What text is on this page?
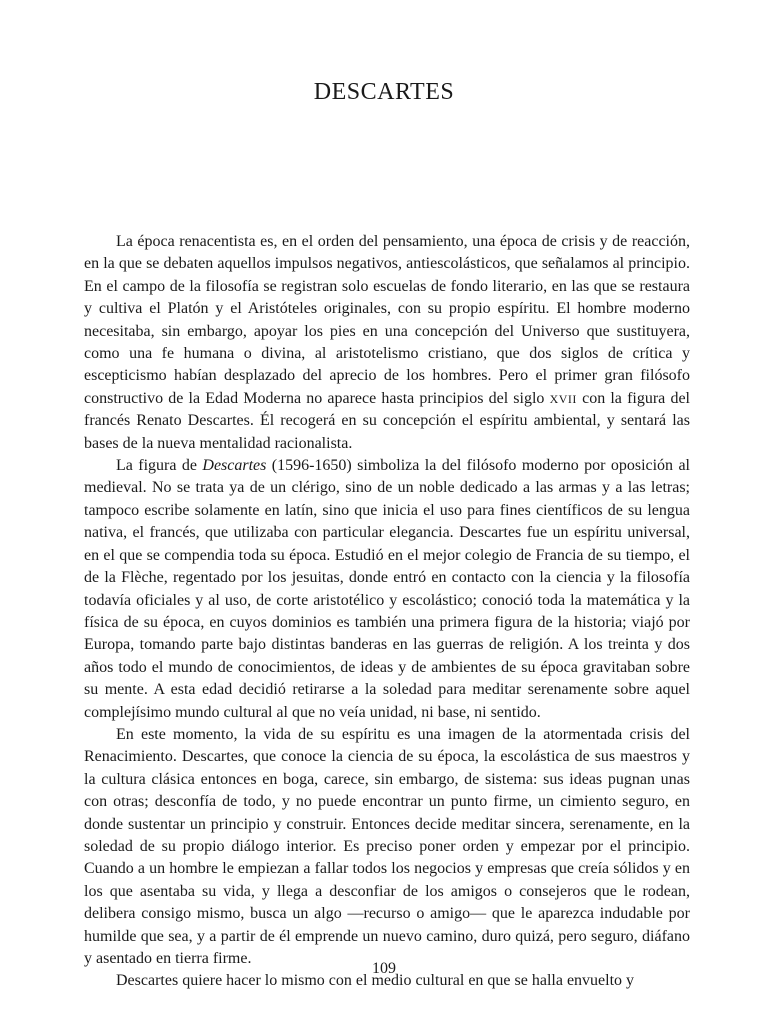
DESCARTES

La época renacentista es, en el orden del pensamiento, una época de crisis y de reacción, en la que se debaten aquellos impulsos negativos, antiescolásticos, que señalamos al principio. En el campo de la filosofía se registran solo escuelas de fondo literario, en las que se restaura y cultiva el Platón y el Aristóteles originales, con su propio espíritu. El hombre moderno necesitaba, sin embargo, apoyar los pies en una concepción del Universo que sustituyera, como una fe humana o divina, al aristotelismo cristiano, que dos siglos de crítica y escepticismo habían desplazado del aprecio de los hombres. Pero el primer gran filósofo constructivo de la Edad Moderna no aparece hasta principios del siglo XVII con la figura del francés Renato Descartes. Él recogerá en su concepción el espíritu ambiental, y sentará las bases de la nueva mentalidad racionalista.

La figura de Descartes (1596-1650) simboliza la del filósofo moderno por oposición al medieval. No se trata ya de un clérigo, sino de un noble dedicado a las armas y a las letras; tampoco escribe solamente en latín, sino que inicia el uso para fines científicos de su lengua nativa, el francés, que utilizaba con particular elegancia. Descartes fue un espíritu universal, en el que se compendia toda su época. Estudió en el mejor colegio de Francia de su tiempo, el de la Flèche, regentado por los jesuitas, donde entró en contacto con la ciencia y la filosofía todavía oficiales y al uso, de corte aristotélico y escolástico; conoció toda la matemática y la física de su época, en cuyos dominios es también una primera figura de la historia; viajó por Europa, tomando parte bajo distintas banderas en las guerras de religión. A los treinta y dos años todo el mundo de conocimientos, de ideas y de ambientes de su época gravitaban sobre su mente. A esta edad decidió retirarse a la soledad para meditar serenamente sobre aquel complejísimo mundo cultural al que no veía unidad, ni base, ni sentido.

En este momento, la vida de su espíritu es una imagen de la atormentada crisis del Renacimiento. Descartes, que conoce la ciencia de su época, la escolástica de sus maestros y la cultura clásica entonces en boga, carece, sin embargo, de sistema: sus ideas pugnan unas con otras; desconfía de todo, y no puede encontrar un punto firme, un cimiento seguro, en donde sustentar un principio y construir. Entonces decide meditar sincera, serenamente, en la soledad de su propio diálogo interior. Es preciso poner orden y empezar por el principio. Cuando a un hombre le empiezan a fallar todos los negocios y empresas que creía sólidos y en los que asentaba su vida, y llega a desconfiar de los amigos o consejeros que le rodean, delibera consigo mismo, busca un algo —recurso o amigo— que le aparezca indudable por humilde que sea, y a partir de él emprende un nuevo camino, duro quizá, pero seguro, diáfano y asentado en tierra firme.

Descartes quiere hacer lo mismo con el medio cultural en que se halla envuelto y

109
